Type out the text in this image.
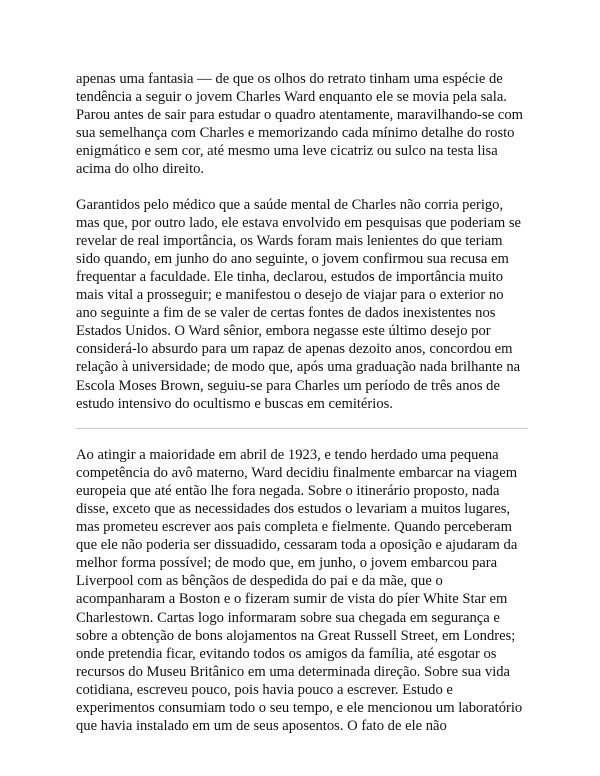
apenas uma fantasia — de que os olhos do retrato tinham uma espécie de tendência a seguir o jovem Charles Ward enquanto ele se movia pela sala. Parou antes de sair para estudar o quadro atentamente, maravilhando-se com sua semelhança com Charles e memorizando cada mínimo detalhe do rosto enigmático e sem cor, até mesmo uma leve cicatriz ou sulco na testa lisa acima do olho direito.

Garantidos pelo médico que a saúde mental de Charles não corria perigo, mas que, por outro lado, ele estava envolvido em pesquisas que poderiam se revelar de real importância, os Wards foram mais lenientes do que teriam sido quando, em junho do ano seguinte, o jovem confirmou sua recusa em frequentar a faculdade. Ele tinha, declarou, estudos de importância muito mais vital a prosseguir; e manifestou o desejo de viajar para o exterior no ano seguinte a fim de se valer de certas fontes de dados inexistentes nos Estados Unidos. O Ward sênior, embora negasse este último desejo por considerá-lo absurdo para um rapaz de apenas dezoito anos, concordou em relação à universidade; de modo que, após uma graduação nada brilhante na Escola Moses Brown, seguiu-se para Charles um período de três anos de estudo intensivo do ocultismo e buscas em cemitérios.

Ao atingir a maioridade em abril de 1923, e tendo herdado uma pequena competência do avô materno, Ward decidiu finalmente embarcar na viagem europeia que até então lhe fora negada. Sobre o itinerário proposto, nada disse, exceto que as necessidades dos estudos o levariam a muitos lugares, mas prometeu escrever aos pais completa e fielmente. Quando perceberam que ele não poderia ser dissuadido, cessaram toda a oposição e ajudaram da melhor forma possível; de modo que, em junho, o jovem embarcou para Liverpool com as bênçãos de despedida do pai e da mãe, que o acompanharam a Boston e o fizeram sumir de vista do píer White Star em Charlestown. Cartas logo informaram sobre sua chegada em segurança e sobre a obtenção de bons alojamentos na Great Russell Street, em Londres; onde pretendia ficar, evitando todos os amigos da família, até esgotar os recursos do Museu Britânico em uma determinada direção. Sobre sua vida cotidiana, escreveu pouco, pois havia pouco a escrever. Estudo e experimentos consumiam todo o seu tempo, e ele mencionou um laboratório que havia instalado em um de seus aposentos. O fato de ele não
